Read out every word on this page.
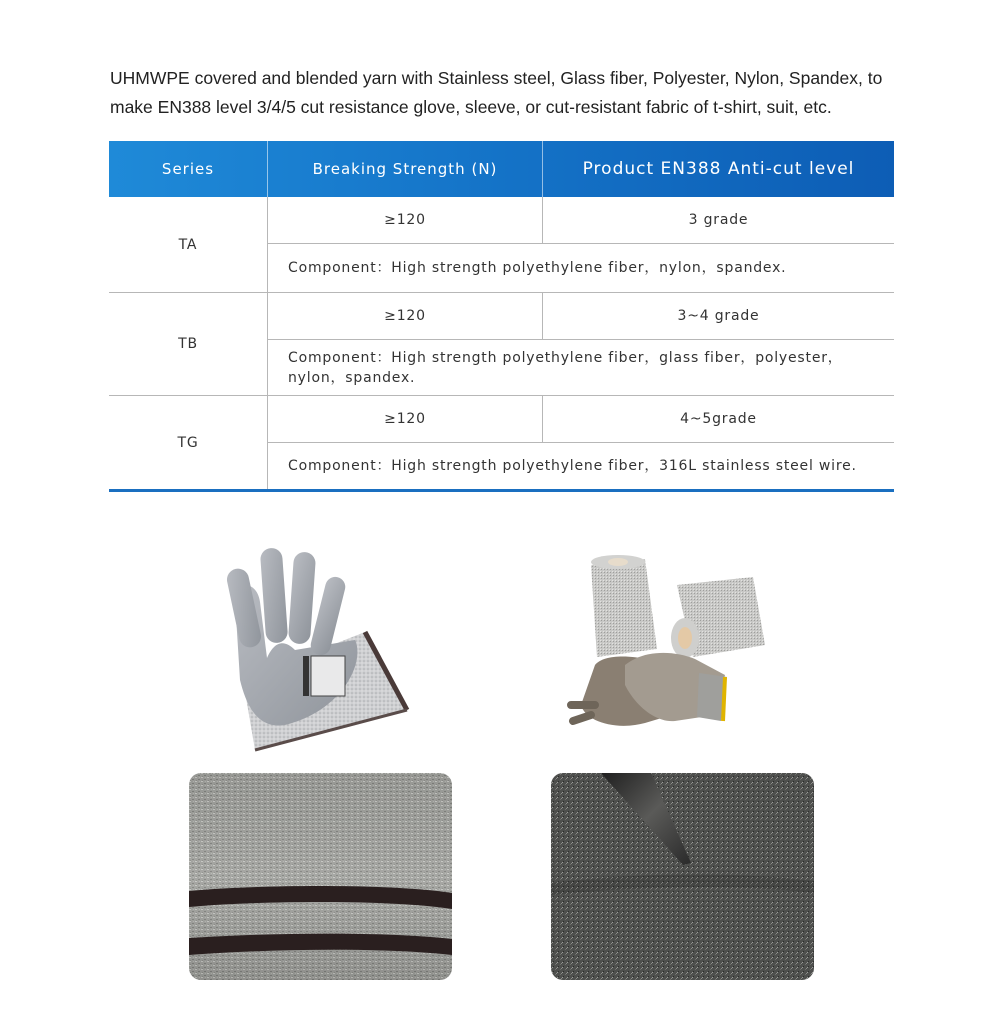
UHMWPE covered and blended yarn with Stainless steel, Glass fiber, Polyester, Nylon, Spandex, to make EN388 level 3/4/5 cut resistance glove, sleeve, or cut-resistant fabric of t-shirt, suit, etc.

Series	Breaking Strength (N)	Product EN388 Anti-cut level
TA	≥120	3 grade
	Component：High strength polyethylene fiber，nylon，spandex.	
TB	≥120	3~4 grade
	Component：High strength polyethylene fiber，glass fiber，polyester，nylon，spandex.	
TG	≥120	4~5grade
	Component：High strength polyethylene fiber，316L stainless steel wire.	
